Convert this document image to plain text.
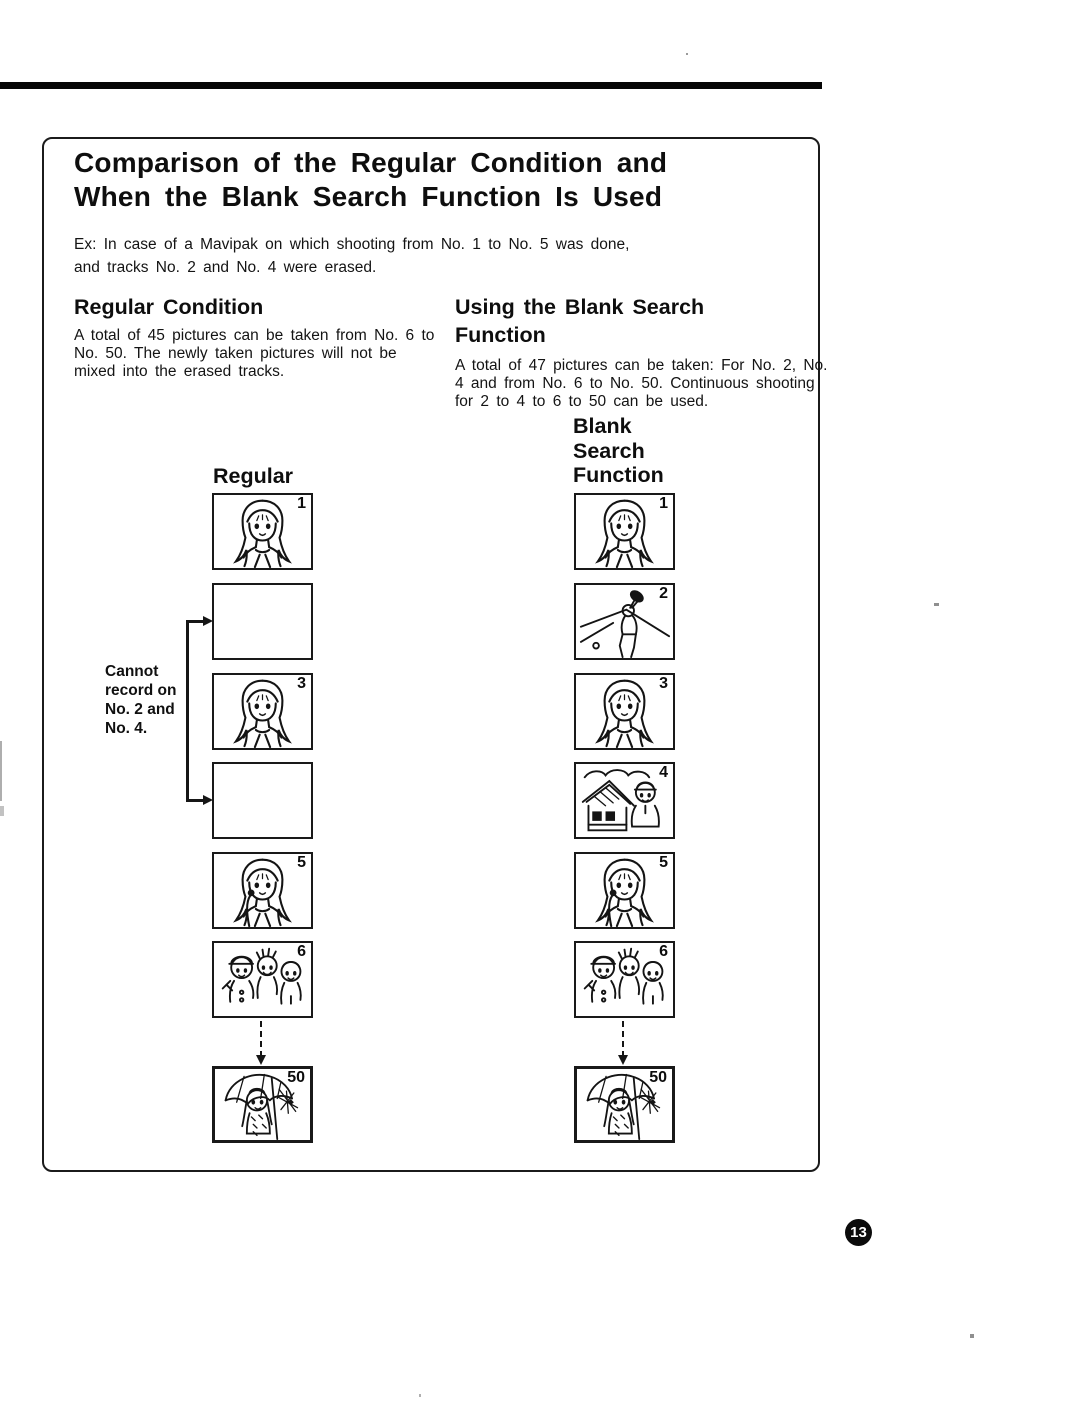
Comparison of the Regular Condition and
When the Blank Search Function Is Used
Ex: In case of a Mavipak on which shooting from No. 1 to No. 5 was done,
and tracks No. 2 and No. 4 were erased.
Regular Condition
A total of 45 pictures can be taken from No. 6 to
No. 50. The newly taken pictures will not be
mixed into the erased tracks.
Using the Blank Search
Function
A total of 47 pictures can be taken: For No. 2, No.
4 and from No. 6 to No. 50. Continuous shooting
for 2 to 4 to 6 to 50 can be used.
Regular
Blank
Search
Function
Cannot
record on
No. 2 and
No. 4.
1
3
5
6
50
1
2
3
4
5
6
50
13
